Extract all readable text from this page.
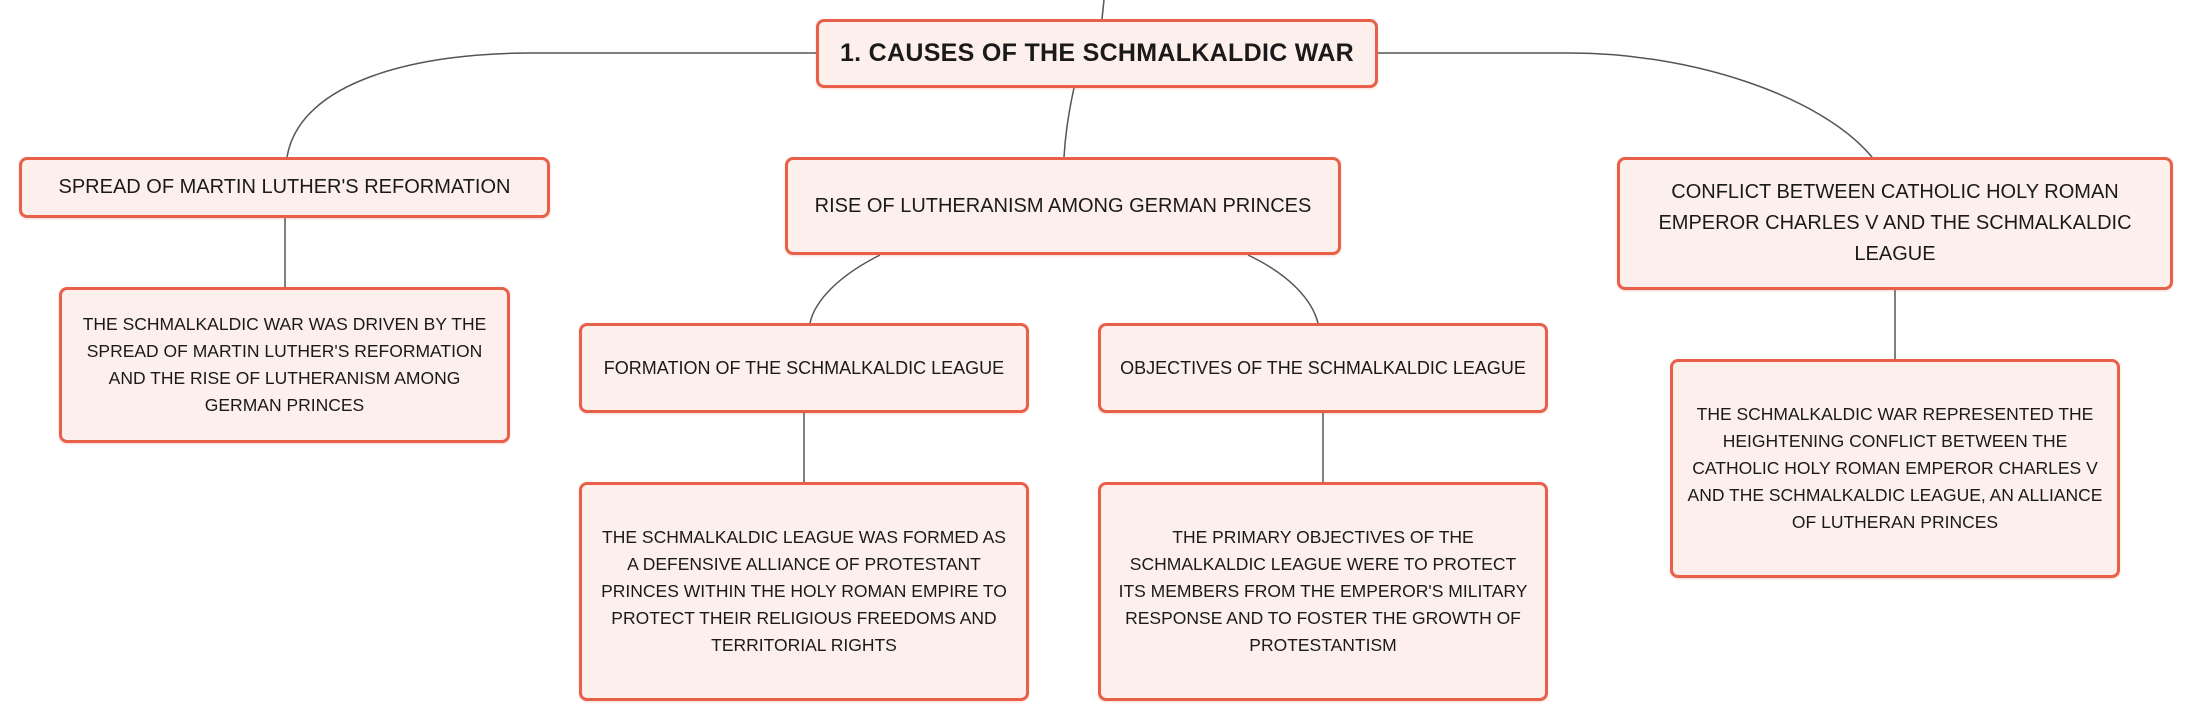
1. CAUSES OF THE SCHMALKALDIC WAR
SPREAD OF MARTIN LUTHER'S REFORMATION
RISE OF LUTHERANISM AMONG GERMAN PRINCES
CONFLICT BETWEEN CATHOLIC HOLY ROMAN EMPEROR CHARLES V AND THE SCHMALKALDIC LEAGUE
THE SCHMALKALDIC WAR WAS DRIVEN BY THE SPREAD OF MARTIN LUTHER'S REFORMATION AND THE RISE OF LUTHERANISM AMONG GERMAN PRINCES
FORMATION OF THE SCHMALKALDIC LEAGUE	OBJECTIVES OF THE SCHMALKALDIC LEAGUE
THE SCHMALKALDIC WAR REPRESENTED THE HEIGHTENING CONFLICT BETWEEN THE CATHOLIC HOLY ROMAN EMPEROR CHARLES V AND THE SCHMALKALDIC LEAGUE, AN ALLIANCE OF LUTHERAN PRINCES
THE SCHMALKALDIC LEAGUE WAS FORMED AS A DEFENSIVE ALLIANCE OF PROTESTANT PRINCES WITHIN THE HOLY ROMAN EMPIRE TO PROTECT THEIR RELIGIOUS FREEDOMS AND TERRITORIAL RIGHTS
THE PRIMARY OBJECTIVES OF THE SCHMALKALDIC LEAGUE WERE TO PROTECT ITS MEMBERS FROM THE EMPEROR'S MILITARY RESPONSE AND TO FOSTER THE GROWTH OF PROTESTANTISM
